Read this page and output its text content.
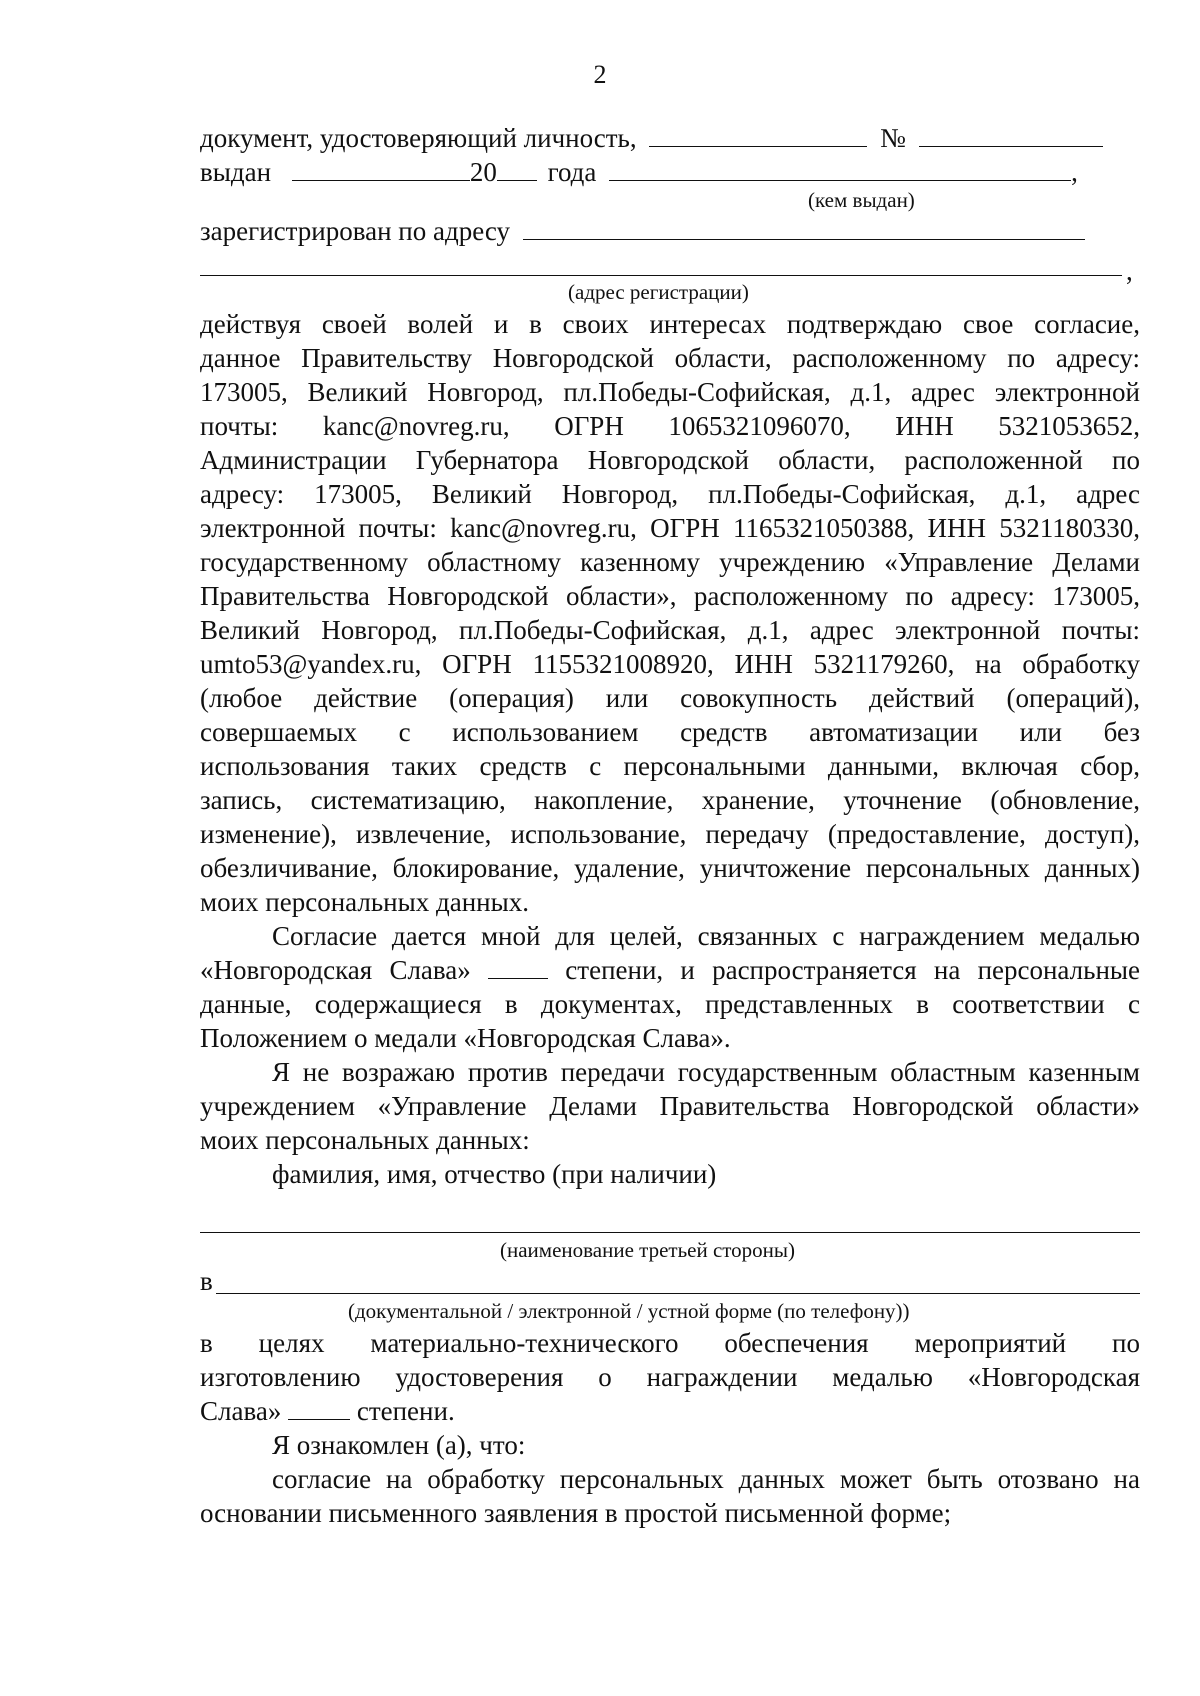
2
документ, удостоверяющий личность,	№
выдан	20 года	,
(кем выдан)
зарегистрирован по адресу
,
(адрес регистрации)
действуя своей волей и в своих интересах подтверждаю свое согласие,
данное Правительству Новгородской области, расположенному по адресу:
173005, Великий Новгород, пл.Победы-Софийская, д.1, адрес электронной
почты: kanc@novreg.ru, ОГРН 1065321096070, ИНН 5321053652,
Администрации Губернатора Новгородской области, расположенной по
адресу: 173005, Великий Новгород, пл.Победы-Софийская, д.1, адрес
электронной почты: kanc@novreg.ru, ОГРН 1165321050388, ИНН 5321180330,
государственному областному казенному учреждению «Управление Делами
Правительства Новгородской области», расположенному по адресу: 173005,
Великий Новгород, пл.Победы-Софийская, д.1, адрес электронной почты:
umto53@yandex.ru, ОГРН 1155321008920, ИНН 5321179260, на обработку
(любое действие (операция) или совокупность действий (операций),
совершаемых с использованием средств автоматизации или без
использования таких средств с персональными данными, включая сбор,
запись, систематизацию, накопление, хранение, уточнение (обновление,
изменение), извлечение, использование, передачу (предоставление, доступ),
обезличивание, блокирование, удаление, уничтожение персональных данных)
моих персональных данных.
Согласие дается мной для целей, связанных с награждением медалью
«Новгородская Слава»	степени, и распространяется на персональные
данные, содержащиеся в документах, представленных в соответствии с
Положением о медали «Новгородская Слава».
Я не возражаю против передачи государственным областным казенным
учреждением «Управление Делами Правительства Новгородской области»
моих персональных данных:
фамилия, имя, отчество (при наличии)
(наименование третьей стороны)
в
(документальной / электронной / устной форме (по телефону))
в целях материально-технического обеспечения мероприятий по
изготовлению удостоверения о награждении медалью «Новгородская
Слава»	степени.
Я ознакомлен (а), что:
согласие на обработку персональных данных может быть отозвано на
основании письменного заявления в простой письменной форме;
